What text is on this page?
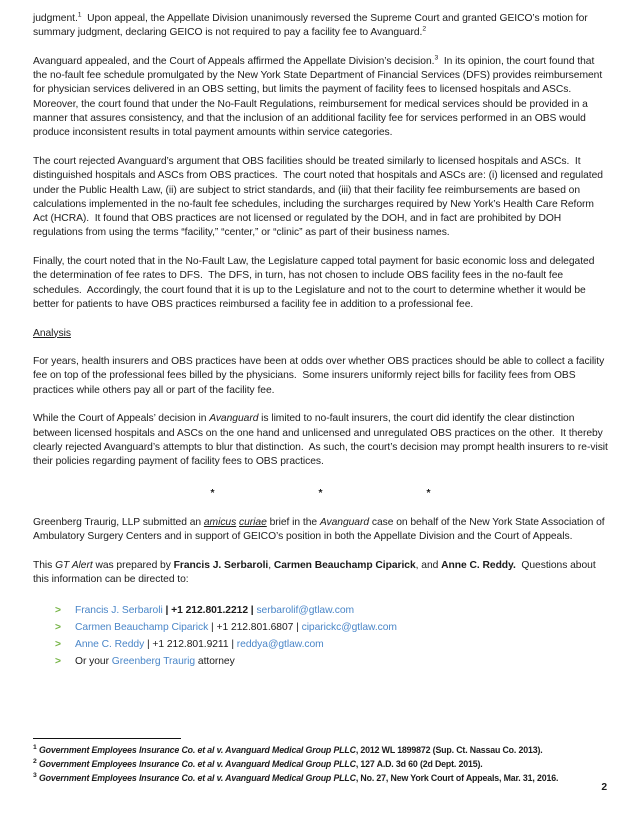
judgment.$^1$  Upon appeal, the Appellate Division unanimously reversed the Supreme Court and granted GEICO’s motion for summary judgment, declaring GEICO is not required to pay a facility fee to Avanguard.$^2$

Avanguard appealed, and the Court of Appeals affirmed the Appellate Division’s decision.$^3$  In its opinion, the court found that the no-fault fee schedule promulgated by the New York State Department of Financial Services (DFS) provides reimbursement for physician services delivered in an OBS setting, but limits the payment of facility fees to licensed hospitals and ASCs.  Moreover, the court found that under the No-Fault Regulations, reimbursement for medical services should be provided in a manner that assures consistency, and that the inclusion of an additional facility fee for services performed in an OBS would produce inconsistent results in total payment amounts within service categories.

The court rejected Avanguard’s argument that OBS facilities should be treated similarly to licensed hospitals and ASCs.  It distinguished hospitals and ASCs from OBS practices.  The court noted that hospitals and ASCs are: (i) licensed and regulated under the Public Health Law, (ii) are subject to strict standards, and (iii) that their facility fee reimbursements are based on calculations implemented in the no-fault fee schedules, including the surcharges required by New York’s Health Care Reform Act (HCRA).  It found that OBS practices are not licensed or regulated by the DOH, and in fact are prohibited by DOH regulations from using the terms “facility,” “center,” or “clinic” as part of their business names.

Finally, the court noted that in the No-Fault Law, the Legislature capped total payment for basic economic loss and delegated the determination of fee rates to DFS.  The DFS, in turn, has not chosen to include OBS facility fees in the no-fault fee schedules.  Accordingly, the court found that it is up to the Legislature and not to the court to determine whether it would be better for patients to have OBS practices reimbursed a facility fee in addition to a professional fee.

Analysis

For years, health insurers and OBS practices have been at odds over whether OBS practices should be able to collect a facility fee on top of the professional fees billed by the physicians.  Some insurers uniformly reject bills for facility fees from OBS practices while others pay all or part of the facility fee.

While the Court of Appeals’ decision in Avanguard is limited to no-fault insurers, the court did identify the clear distinction between licensed hospitals and ASCs on the one hand and unlicensed and unregulated OBS practices on the other.  It thereby clearly rejected Avanguard’s attempts to blur that distinction.  As such, the court’s decision may prompt health insurers to re-visit their policies regarding payment of facility fees to OBS practices.

*	*	*

Greenberg Traurig, LLP submitted an amicus curiae brief in the Avanguard case on behalf of the New York State Association of Ambulatory Surgery Centers and in support of GEICO’s position in both the Appellate Division and the Court of Appeals.

This GT Alert was prepared by Francis J. Serbaroli, Carmen Beauchamp Ciparick, and Anne C. Reddy.  Questions about this information can be directed to:

>	Francis J. Serbaroli | +1 212.801.2212 | serbarolif@gtlaw.com
>	Carmen Beauchamp Ciparick | +1 212.801.6807 | ciparickc@gtlaw.com
>	Anne C. Reddy | +1 212.801.9211 | reddya@gtlaw.com
>	Or your Greenberg Traurig attorney
$^1$ Government Employees Insurance Co. et al v. Avanguard Medical Group PLLC, 2012 WL 1899872 (Sup. Ct. Nassau Co. 2013).
$^2$ Government Employees Insurance Co. et al v. Avanguard Medical Group PLLC, 127 A.D. 3d 60 (2d Dept. 2015).
$^3$ Government Employees Insurance Co. et al v. Avanguard Medical Group PLLC, No. 27, New York Court of Appeals, Mar. 31, 2016.
2
